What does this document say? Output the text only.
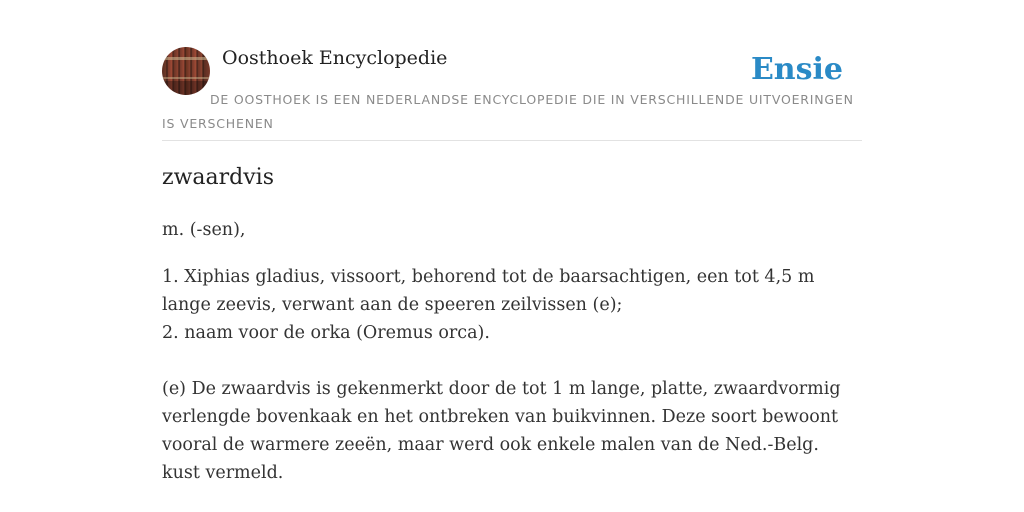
Oosthoek Encyclopedie	Ensie
DE OOSTHOEK IS EEN NEDERLANDSE ENCYCLOPEDIE DIE IN VERSCHILLENDE UITVOERINGEN IS VERSCHENEN
zwaardvis

m. (-sen),

1. Xiphias gladius, vissoort, behorend tot de baarsachtigen, een tot 4,5 m lange zeevis, verwant aan de speeren zeilvissen (e);

2. naam voor de orka (Oremus orca).

(e) De zwaardvis is gekenmerkt door de tot 1 m lange, platte, zwaardvormig verlengde bovenkaak en het ontbreken van buikvinnen. Deze soort bewoont vooral de warmere zeeën, maar werd ook enkele malen van de Ned.-Belg. kust vermeld.
